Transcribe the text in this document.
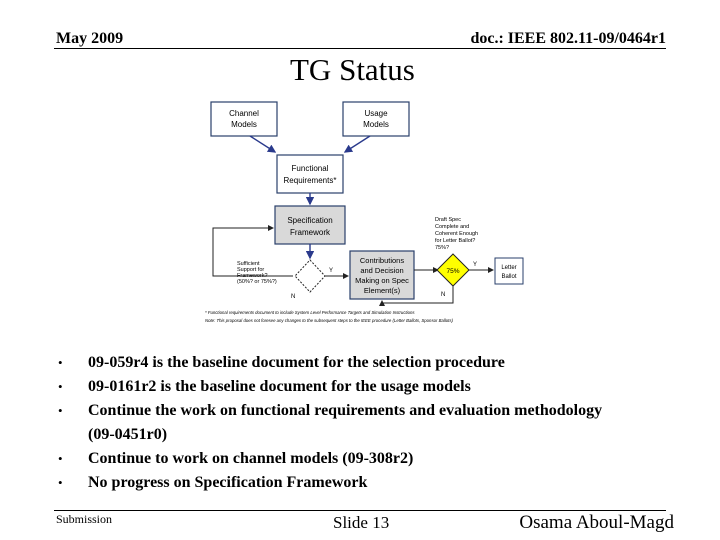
May 2009	doc.: IEEE 802.11-09/0464r1
TG Status
Channel
Models
Usage
Models
Functional
Requirements*
Specification
Framework
Sufficient
Support for
Framework?
(50%? or 75%?)
Y
N
Contributions
and Decision
Making on Spec
Element(s)
Draft Spec
Complete and
Coherent Enough
for Letter Ballot?
75%?
75%
Y
N
Letter
Ballot
* Functional requirements document to include System Level Performance Targets and Simulation Instructions
Note: This proposal does not foresee any changes to the subsequent steps to the IEEE procedure (Letter Ballots, Sponsor Ballots)
• 09-059r4 is the baseline document for the selection procedure
• 09-0161r2 is the baseline document for the usage models
• Continue the work on functional requirements and evaluation methodology (09-0451r0)
• Continue to work on channel models (09-308r2)
• No progress on Specification Framework
Submission	Slide 13	Osama Aboul-Magd
